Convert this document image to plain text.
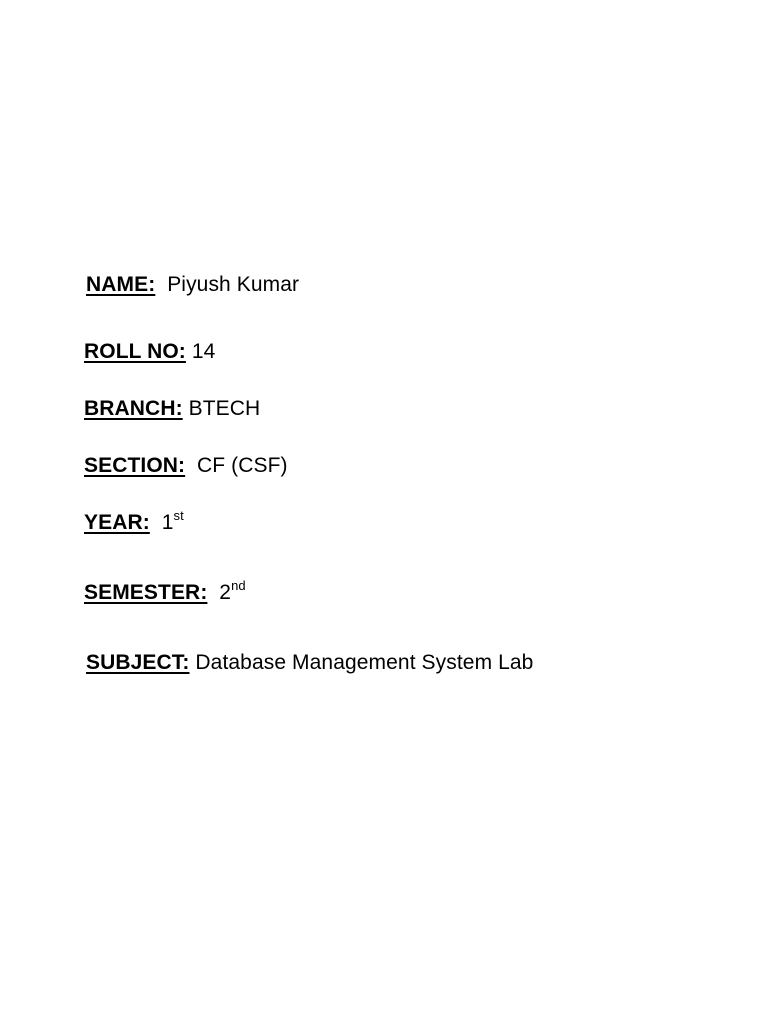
NAME: Piyush Kumar
ROLL NO: 14
BRANCH: BTECH
SECTION: CF (CSF)
YEAR: 1st
SEMESTER: 2nd
SUBJECT: Database Management System Lab
